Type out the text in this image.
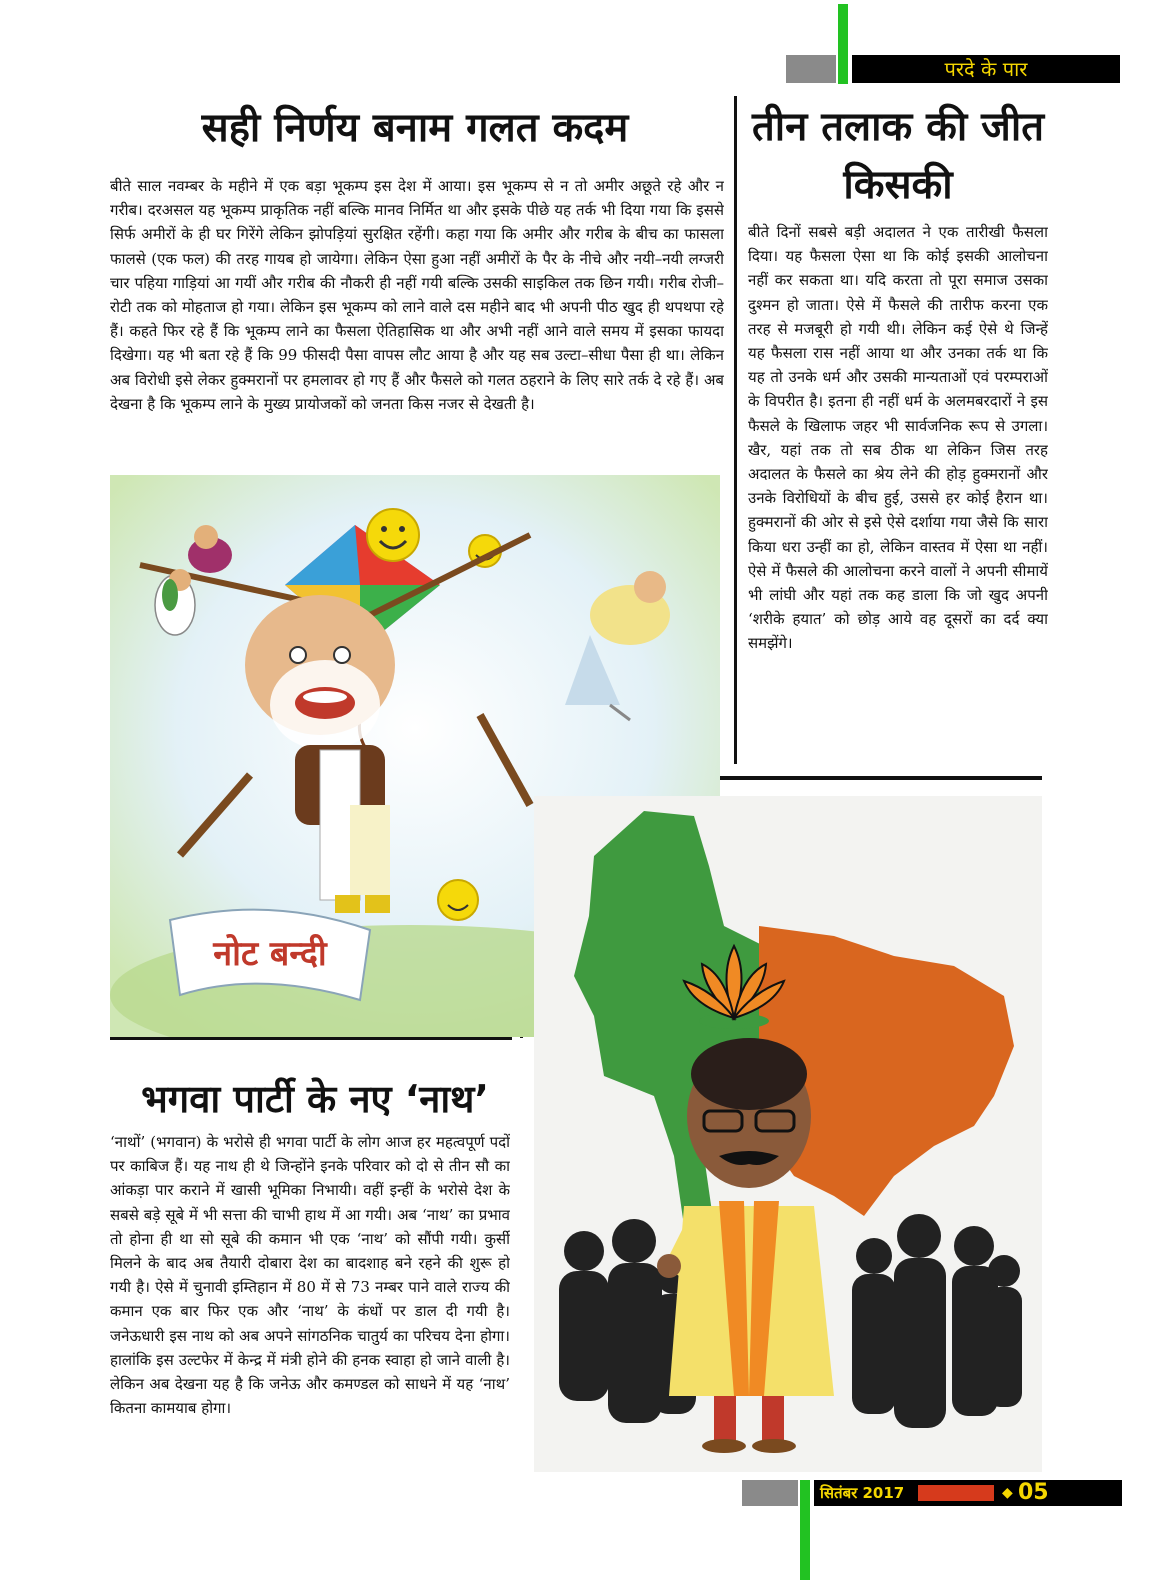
परदे के पार
सही निर्णय बनाम गलत कदम
बीते साल नवम्बर के महीने में एक बड़ा भूकम्प इस देश में आया। इस भूकम्प से न तो अमीर अछूते रहे और न गरीब। दरअसल यह भूकम्प प्राकृतिक नहीं बल्कि मानव निर्मित था और इसके पीछे यह तर्क भी दिया गया कि इससे सिर्फ अमीरों के ही घर गिरेंगे लेकिन झोपड़ियां सुरक्षित रहेंगी। कहा गया कि अमीर और गरीब के बीच का फासला फालसे (एक फल) की तरह गायब हो जायेगा। लेकिन ऐसा हुआ नहीं अमीरों के पैर के नीचे और नयी–नयी लग्जरी चार पहिया गाड़ियां आ गयीं और गरीब की नौकरी ही नहीं गयी बल्कि उसकी साइकिल तक छिन गयी। गरीब रोजी–रोटी तक को मोहताज हो गया। लेकिन इस भूकम्प को लाने वाले दस महीने बाद भी अपनी पीठ खुद ही थपथपा रहे हैं। कहते फिर रहे हैं कि भूकम्प लाने का फैसला ऐतिहासिक था और अभी नहीं आने वाले समय में इसका फायदा दिखेगा। यह भी बता रहे हैं कि 99 फीसदी पैसा वापस लौट आया है और यह सब उल्टा–सीधा पैसा ही था। लेकिन अब विरोधी इसे लेकर हुक्मरानों पर हमलावर हो गए हैं और फैसले को गलत ठहराने के लिए सारे तर्क दे रहे हैं। अब देखना है कि भूकम्प लाने के मुख्य प्रायोजकों को जनता किस नजर से देखती है।
तीन तलाक की जीत
किसकी
बीते दिनों सबसे बड़ी अदालत ने एक तारीखी फैसला दिया। यह फैसला ऐसा था कि कोई इसकी आलोचना नहीं कर सकता था। यदि करता तो पूरा समाज उसका दुश्मन हो जाता। ऐसे में फैसले की तारीफ करना एक तरह से मजबूरी हो गयी थी। लेकिन कई ऐसे थे जिन्हें यह फैसला रास नहीं आया था और उनका तर्क था कि यह तो उनके धर्म और उसकी मान्यताओं एवं परम्पराओं के विपरीत है। इतना ही नहीं धर्म के अलमबरदारों ने इस फैसले के खिलाफ जहर भी सार्वजनिक रूप से उगला। खैर, यहां तक तो सब ठीक था लेकिन जिस तरह अदालत के फैसले का श्रेय लेने की होड़ हुक्मरानों और उनके विरोधियों के बीच हुई, उससे हर कोई हैरान था। हुक्मरानों की ओर से इसे ऐसे दर्शाया गया जैसे कि सारा किया धरा उन्हीं का हो, लेकिन वास्तव में ऐसा था नहीं। ऐसे में फैसले की आलोचना करने वालों ने अपनी सीमायें भी लांघी और यहां तक कह डाला कि जो खुद अपनी ‘शरीके हयात’ को छोड़ आये वह दूसरों का दर्द क्या समझेंगे।
नोट बन्दी
भगवा पार्टी के नए ‘नाथ’
‘नाथों’ (भगवान) के भरोसे ही भगवा पार्टी के लोग आज हर महत्वपूर्ण पदों पर काबिज हैं। यह नाथ ही थे जिन्होंने इनके परिवार को दो से तीन सौ का आंकड़ा पार कराने में खासी भूमिका निभायी। वहीं इन्हीं के भरोसे देश के सबसे बड़े सूबे में भी सत्ता की चाभी हाथ में आ गयी। अब ‘नाथ’ का प्रभाव तो होना ही था सो सूबे की कमान भी एक ‘नाथ’ को सौंपी गयी। कुर्सी मिलने के बाद अब तैयारी दोबारा देश का बादशाह बने रहने की शुरू हो गयी है। ऐसे में चुनावी इम्तिहान में 80 में से 73 नम्बर पाने वाले राज्य की कमान एक बार फिर एक और ‘नाथ’ के कंधों पर डाल दी गयी है। जनेऊधारी इस नाथ को अब अपने सांगठनिक चातुर्य का परिचय देना होगा। हालांकि इस उल्टफेर में केन्द्र में मंत्री होने की हनक स्वाहा हो जाने वाली है। लेकिन अब देखना यह है कि जनेऊ और कमण्डल को साधने में यह ‘नाथ’ कितना कामयाब होगा।
सितंबर 2017	◆ 05
